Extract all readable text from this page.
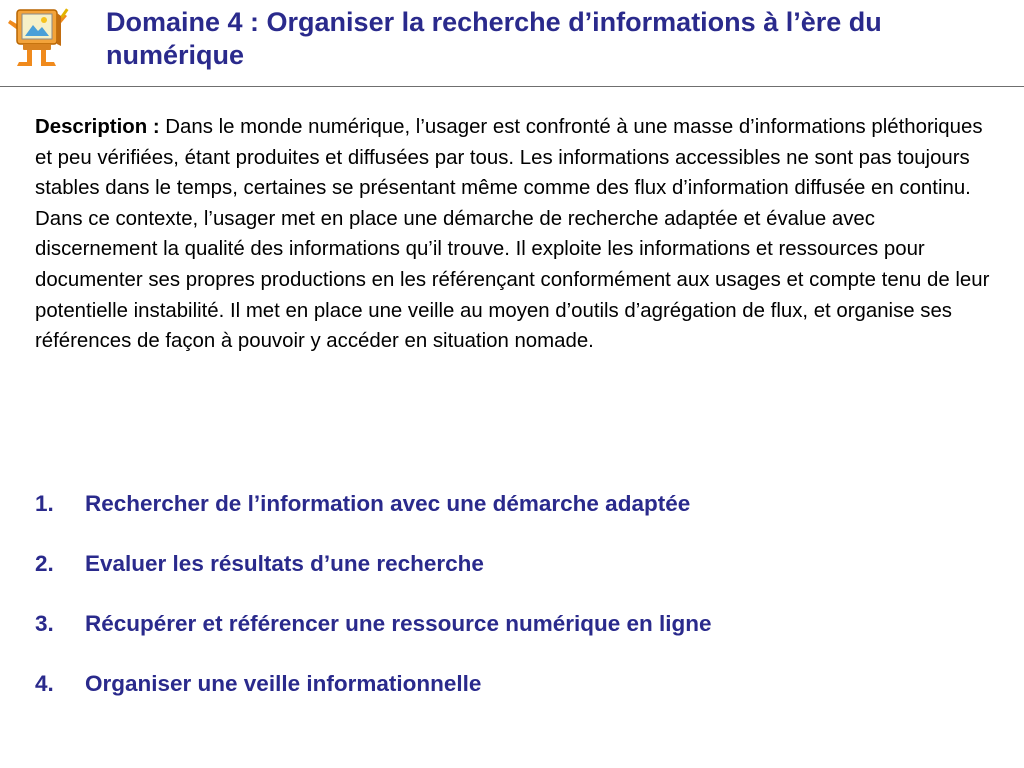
Domaine 4 : Organiser la recherche d’informations à l’ère du numérique

Description : Dans le monde numérique, l’usager est confronté à une masse d’informations pléthoriques et peu vérifiées, étant produites et diffusées par tous. Les informations accessibles ne sont pas toujours stables dans le temps, certaines se présentant même comme des flux d’information diffusée en continu. Dans ce contexte, l’usager met en place une démarche de recherche adaptée et évalue avec discernement la qualité des informations qu’il trouve. Il exploite les informations et ressources pour documenter ses propres productions en les référençant conformément aux usages et compte tenu de leur potentielle instabilité. Il met en place une veille au moyen d’outils d’agrégation de flux, et organise ses références de façon à pouvoir y accéder en situation nomade.

1. Rechercher de l’information avec une démarche adaptée
2. Evaluer les résultats d’une recherche
3. Récupérer et référencer une ressource numérique en ligne
4. Organiser une veille informationnelle
